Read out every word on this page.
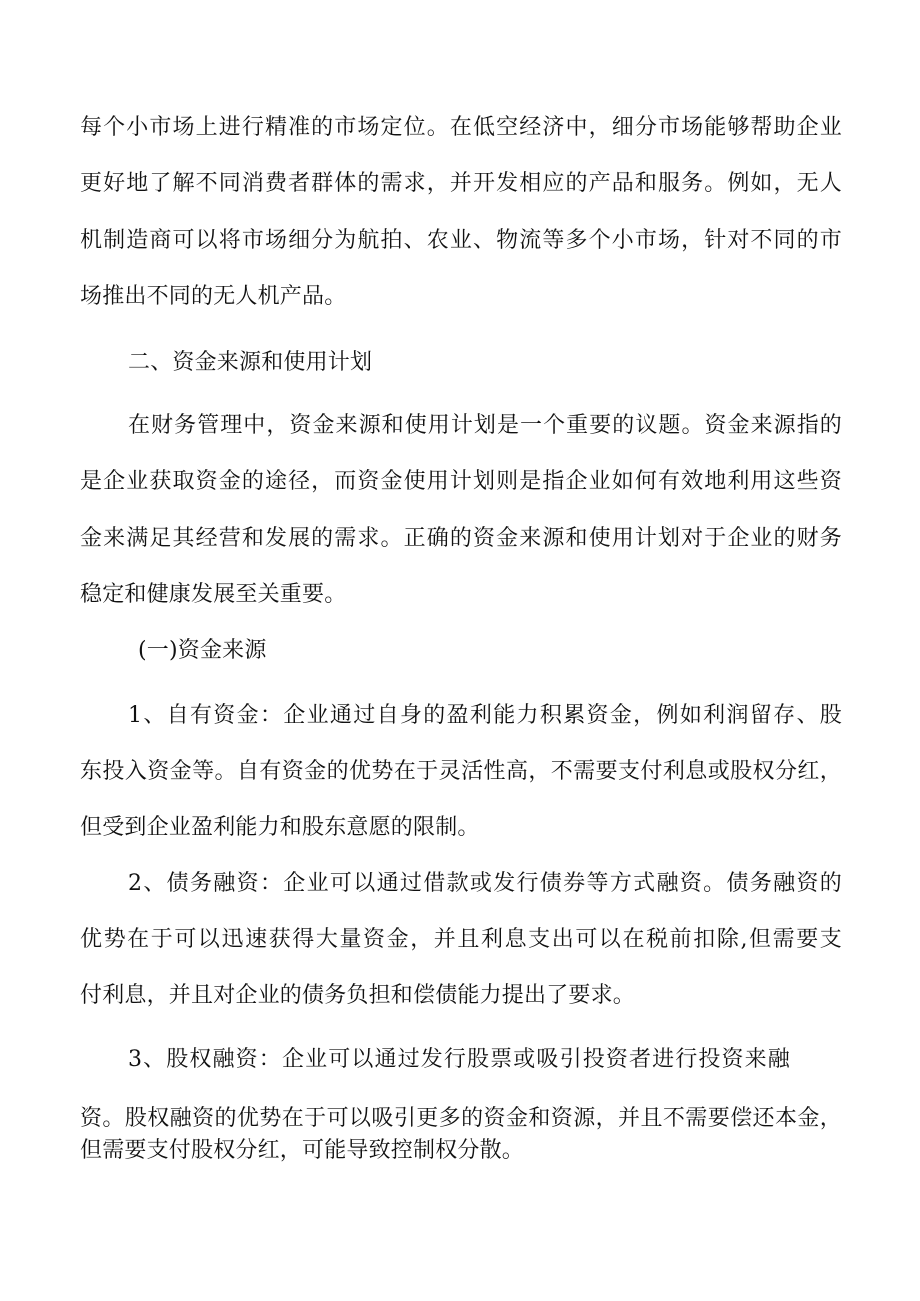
每个小市场上进行精准的市场定位。在低空经济中，细分市场能够帮助企业
更好地了解不同消费者群体的需求，并开发相应的产品和服务。例如，无人
机制造商可以将市场细分为航拍、农业、物流等多个小市场，针对不同的市
场推出不同的无人机产品。
二、资金来源和使用计划
在财务管理中，资金来源和使用计划是一个重要的议题。资金来源指的
是企业获取资金的途径，而资金使用计划则是指企业如何有效地利用这些资
金来满足其经营和发展的需求。正确的资金来源和使用计划对于企业的财务
稳定和健康发展至关重要。
(一)资金来源
1、自有资金：企业通过自身的盈利能力积累资金，例如利润留存、股
东投入资金等。自有资金的优势在于灵活性高，不需要支付利息或股权分红，
但受到企业盈利能力和股东意愿的限制。
2、债务融资：企业可以通过借款或发行债券等方式融资。债务融资的
优势在于可以迅速获得大量资金，并且利息支出可以在税前扣除,但需要支
付利息，并且对企业的债务负担和偿债能力提出了要求。
3、股权融资：企业可以通过发行股票或吸引投资者进行投资来融
资。股权融资的优势在于可以吸引更多的资金和资源，并且不需要偿还本金，
但需要支付股权分红，可能导致控制权分散。
